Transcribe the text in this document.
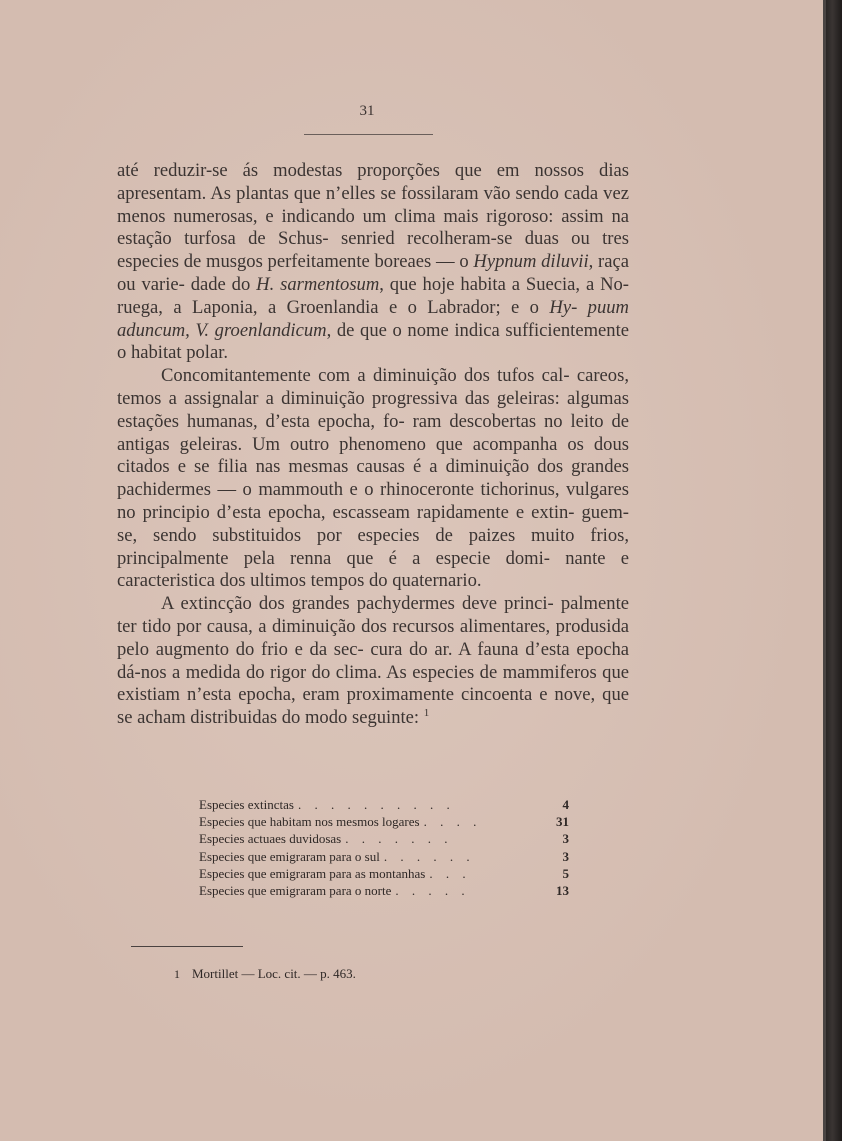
31

até reduzir-se ás modestas proporções que em nossos dias apresentam. As plantas que n’elles se fossilaram vão sendo cada vez menos numerosas, e indicando um clima mais rigoroso: assim na estação turfosa de Schus- senried recolheram-se duas ou tres especies de musgos perfeitamente boreaes — o Hypnum diluvii, raça ou varie- dade do H. sarmentosum, que hoje habita a Suecia, a No- ruega, a Laponia, a Groenlandia e o Labrador; e o Hy- puum aduncum, V. groenlandicum, de que o nome indica sufficientemente o habitat polar.

Concomitantemente com a diminuição dos tufos cal- careos, temos a assignalar a diminuição progressiva das geleiras: algumas estações humanas, d’esta epocha, fo- ram descobertas no leito de antigas geleiras. Um outro phenomeno que acompanha os dous citados e se filia nas mesmas causas é a diminuição dos grandes pachidermes — o mammouth e o rhinoceronte tichorinus, vulgares no principio d’esta epocha, escasseam rapidamente e extin- guem-se, sendo substituidos por especies de paizes muito frios, principalmente pela renna que é a especie domi- nante e caracteristica dos ultimos tempos do quaternario.

A extincção dos grandes pachydermes deve princi- palmente ter tido por causa, a diminuição dos recursos alimentares, produsida pelo augmento do frio e da sec- cura do ar. A fauna d’esta epocha dá-nos a medida do rigor do clima. As especies de mammiferos que existiam n’esta epocha, eram proximamente cincoenta e nove, que se acham distribuidas do modo seguinte: $^1$

Especies extinctas . . . . . . . . . .	4
Especies que habitam nos mesmos logares . . . .	31
Especies actuaes duvidosas . . . . . . .	3
Especies que emigraram para o sul . . . . . .	3
Especies que emigraram para as montanhas . . .	5
Especies que emigraram para o norte . . . . .	13
1 Mortillet — Loc. cit. — p. 463.
